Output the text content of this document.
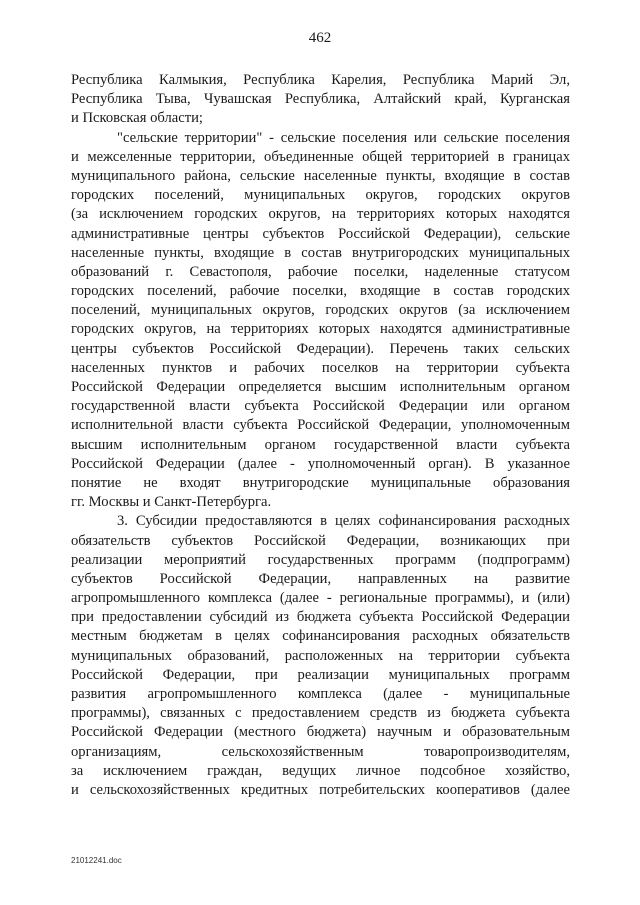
462
Республика Калмыкия, Республика Карелия, Республика Марий Эл,
Республика Тыва, Чувашская Республика, Алтайский край, Курганская
и Псковская области;
"сельские территории" - сельские поселения или сельские поселения
и межселенные территории, объединенные общей территорией в границах
муниципального района, сельские населенные пункты, входящие в состав
городских поселений, муниципальных округов, городских округов
(за исключением городских округов, на территориях которых находятся
административные центры субъектов Российской Федерации), сельские
населенные пункты, входящие в состав внутригородских муниципальных
образований г. Севастополя, рабочие поселки, наделенные статусом
городских поселений, рабочие поселки, входящие в состав городских
поселений, муниципальных округов, городских округов (за исключением
городских округов, на территориях которых находятся административные
центры субъектов Российской Федерации). Перечень таких сельских
населенных пунктов и рабочих поселков на территории субъекта
Российской Федерации определяется высшим исполнительным органом
государственной власти субъекта Российской Федерации или органом
исполнительной власти субъекта Российской Федерации, уполномоченным
высшим исполнительным органом государственной власти субъекта
Российской Федерации (далее - уполномоченный орган). В указанное
понятие не входят внутригородские муниципальные образования
гг. Москвы и Санкт-Петербурга.
3. Субсидии предоставляются в целях софинансирования расходных
обязательств субъектов Российской Федерации, возникающих при
реализации мероприятий государственных программ (подпрограмм)
субъектов Российской Федерации, направленных на развитие
агропромышленного комплекса (далее - региональные программы), и (или)
при предоставлении субсидий из бюджета субъекта Российской Федерации
местным бюджетам в целях софинансирования расходных обязательств
муниципальных образований, расположенных на территории субъекта
Российской Федерации, при реализации муниципальных программ
развития агропромышленного комплекса (далее - муниципальные
программы), связанных с предоставлением средств из бюджета субъекта
Российской Федерации (местного бюджета) научным и образовательным
организациям, сельскохозяйственным товаропроизводителям,
за исключением граждан, ведущих личное подсобное хозяйство,
и сельскохозяйственных кредитных потребительских кооперативов (далее
21012241.doc
